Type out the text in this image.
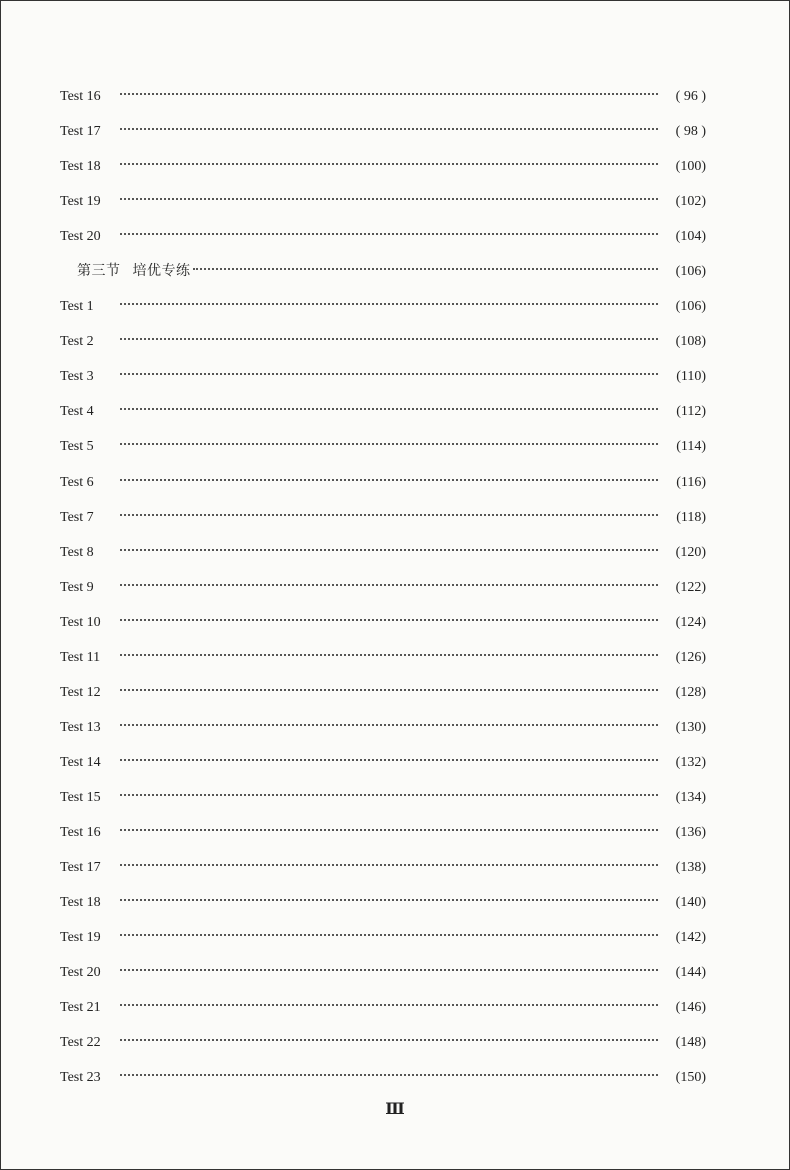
Test 16	( 96 )
Test 17	( 98 )
Test 18	(100)
Test 19	(102)
Test 20	(104)
第三节 培优专练	(106)
Test 1	(106)
Test 2	(108)
Test 3	(110)
Test 4	(112)
Test 5	(114)
Test 6	(116)
Test 7	(118)
Test 8	(120)
Test 9	(122)
Test 10	(124)
Test 11	(126)
Test 12	(128)
Test 13	(130)
Test 14	(132)
Test 15	(134)
Test 16	(136)
Test 17	(138)
Test 18	(140)
Test 19	(142)
Test 20	(144)
Test 21	(146)
Test 22	(148)
Test 23	(150)
Ⅲ
